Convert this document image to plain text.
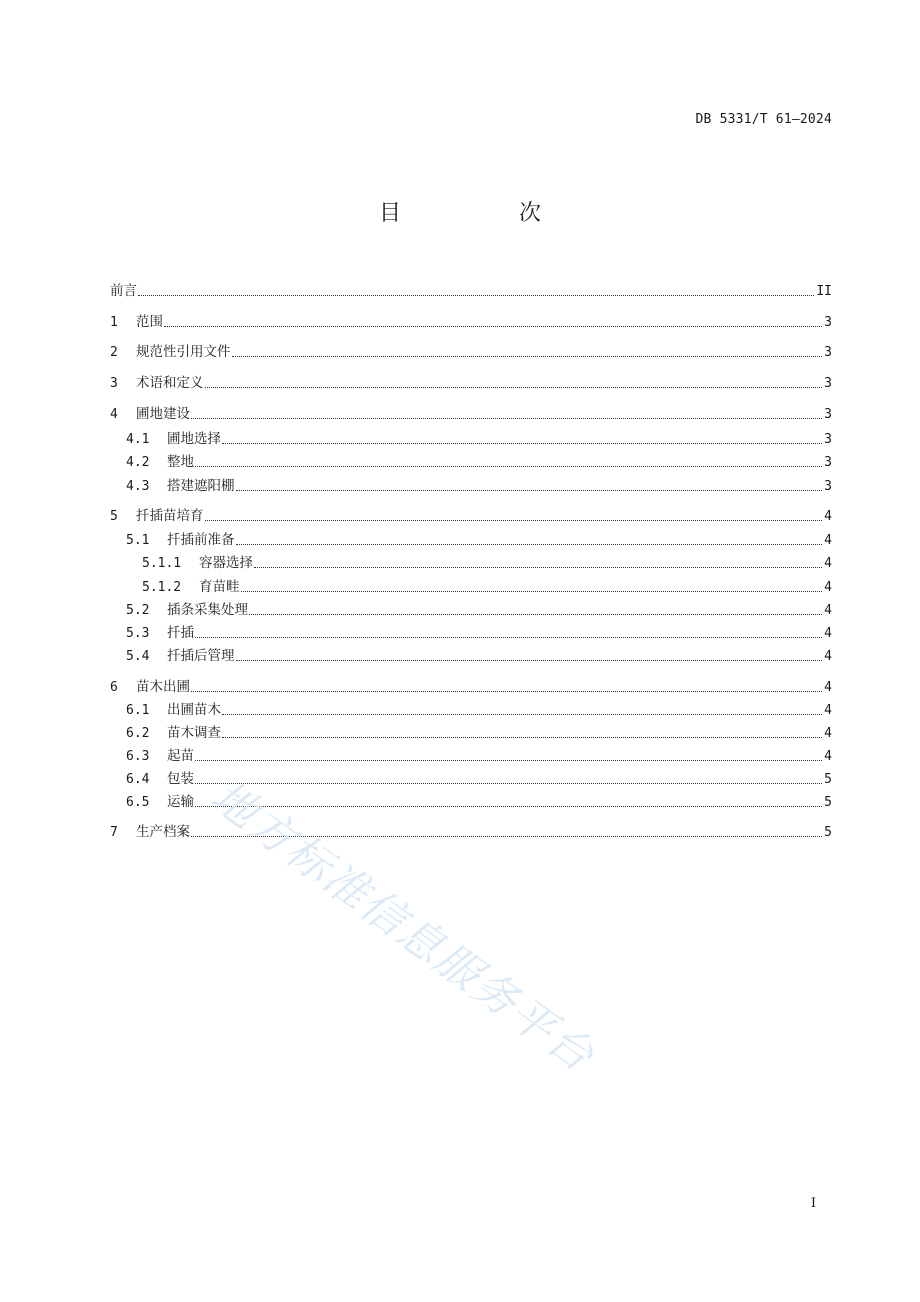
DB 5331/T 61—2024
目　次
前言	II
1	范围	3
2	规范性引用文件	3
3	术语和定义	3
4	圃地建设	3
4.1	圃地选择	3
4.2	整地	3
4.3	搭建遮阳棚	3
5	扦插苗培育	4
5.1	扦插前准备	4
5.1.1	容器选择	4
5.1.2	育苗畦	4
5.2	插条采集处理	4
5.3	扦插	4
5.4	扦插后管理	4
6	苗木出圃	4
6.1	出圃苗木	4
6.2	苗木调查	4
6.3	起苗	4
6.4	包装	5
6.5	运输	5
7	生产档案	5
地方标准信息服务平台
I
